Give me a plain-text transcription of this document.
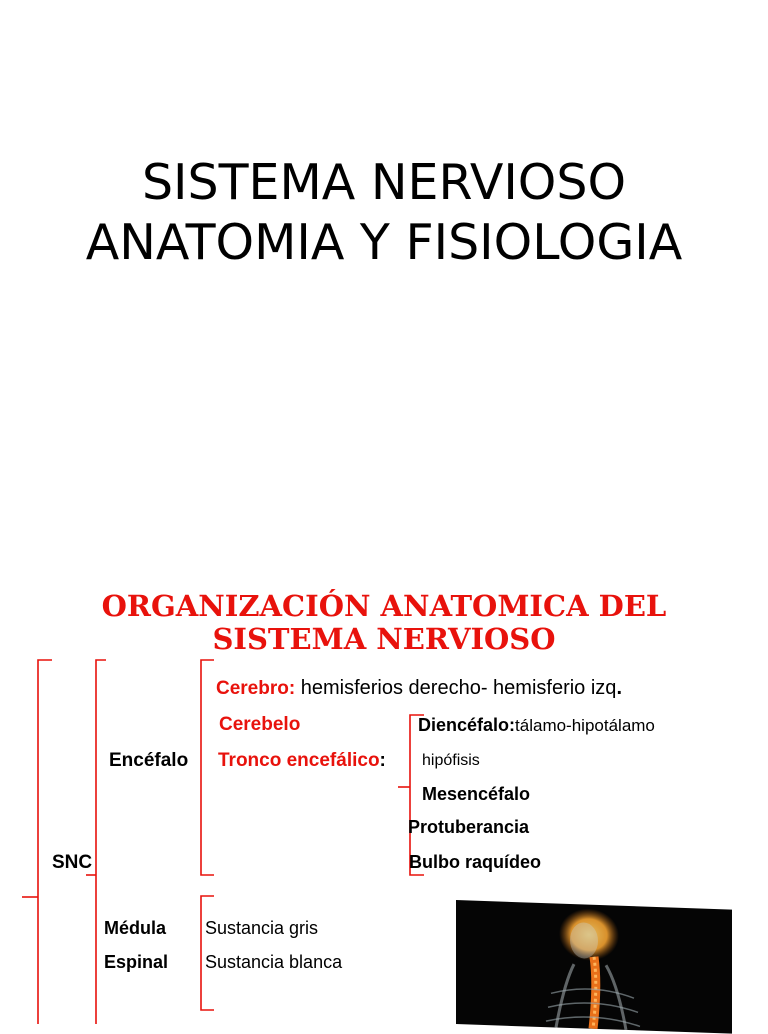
SISTEMA NERVIOSO
ANATOMIA Y FISIOLOGIA
ORGANIZACIÓN ANATOMICA DEL
SISTEMA NERVIOSO
Cerebro: hemisferios derecho- hemisferio izq.
Cerebelo	Diencéfalo:tálamo-hipotálamo
Encéfalo Tronco encefálico: hipófisis
Mesencéfalo
Protuberancia
SNC	Bulbo raquídeo
Médula
Espinal
Sustancia gris
Sustancia blanca
